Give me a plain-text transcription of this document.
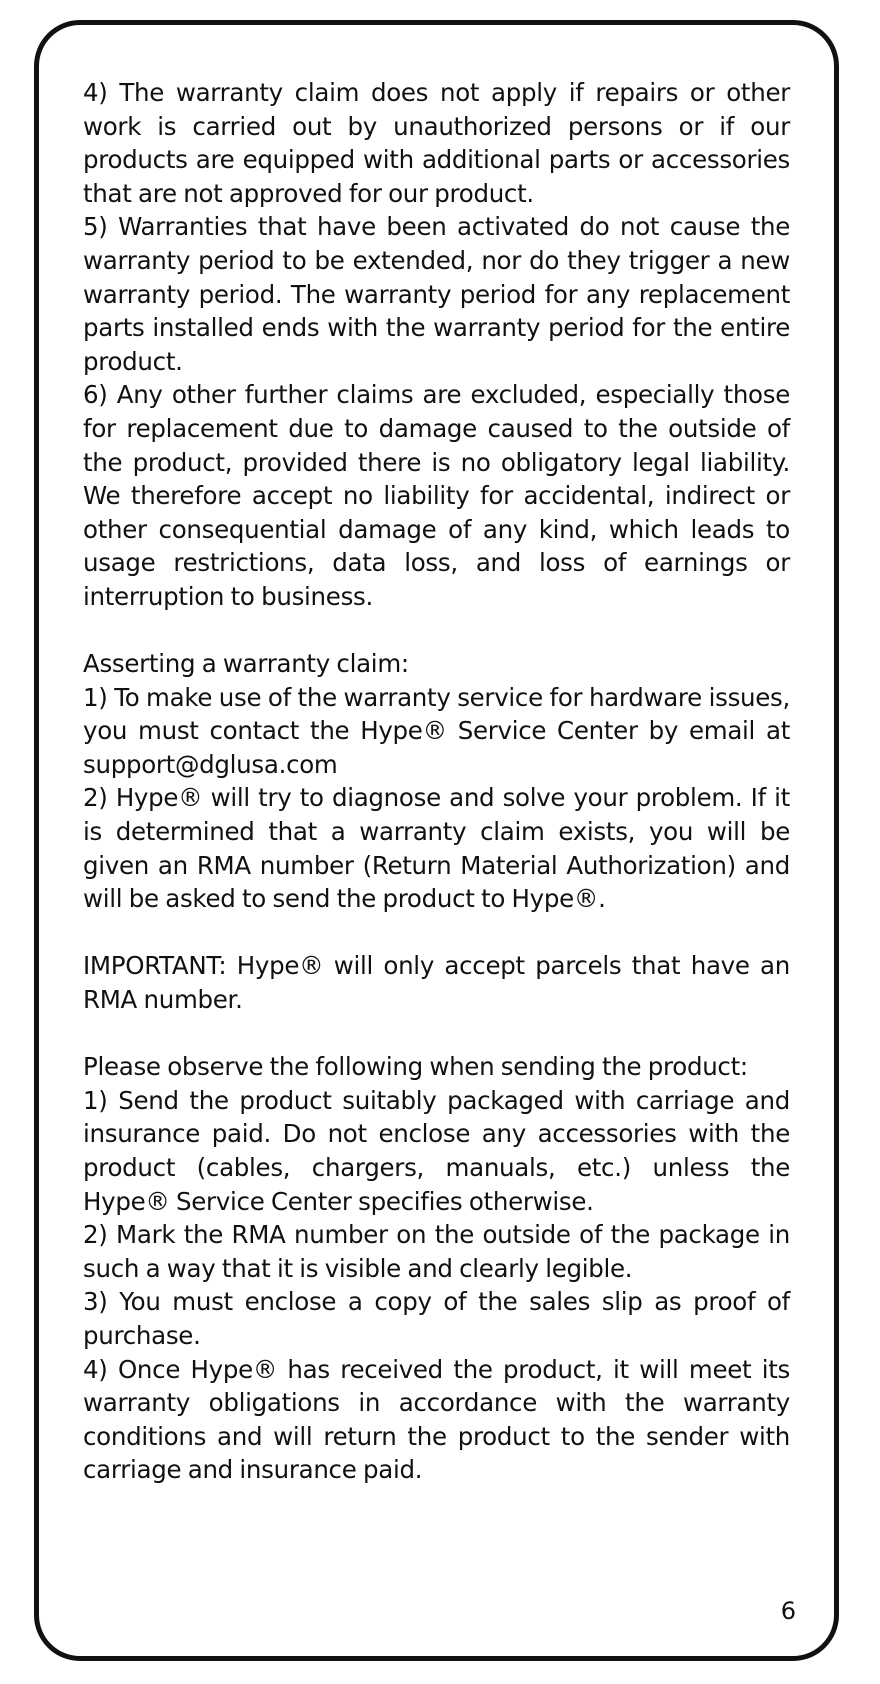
4) The warranty claim does not apply if repairs or other work is carried out by unauthorized persons or if our products are equipped with additional parts or accessories that are not approved for our product.

5) Warranties that have been activated do not cause the warranty period to be extended, nor do they trigger a new warranty period. The warranty period for any replacement parts installed ends with the warranty period for the entire product.

6) Any other further claims are excluded, especially those for replacement due to damage caused to the outside of the product, provided there is no obligatory legal liability. We therefore accept no liability for accidental, indirect or other consequential damage of any kind, which leads to usage restrictions, data loss, and loss of earnings or interruption to business.

Asserting a warranty claim:

1) To make use of the warranty service for hardware issues, you must contact the Hype® Service Center by email at support@dglusa.com

2) Hype® will try to diagnose and solve your problem. If it is determined that a warranty claim exists, you will be given an RMA number (Return Material Authorization) and will be asked to send the product to Hype®.

IMPORTANT: Hype® will only accept parcels that have an RMA number.

Please observe the following when sending the product:

1) Send the product suitably packaged with carriage and insurance paid. Do not enclose any accessories with the product (cables, chargers, manuals, etc.) unless the Hype® Service Center specifies otherwise.

2) Mark the RMA number on the outside of the package in such a way that it is visible and clearly legible.

3) You must enclose a copy of the sales slip as proof of purchase.

4) Once Hype® has received the product, it will meet its warranty obligations in accordance with the warranty conditions and will return the product to the sender with carriage and insurance paid.

6
